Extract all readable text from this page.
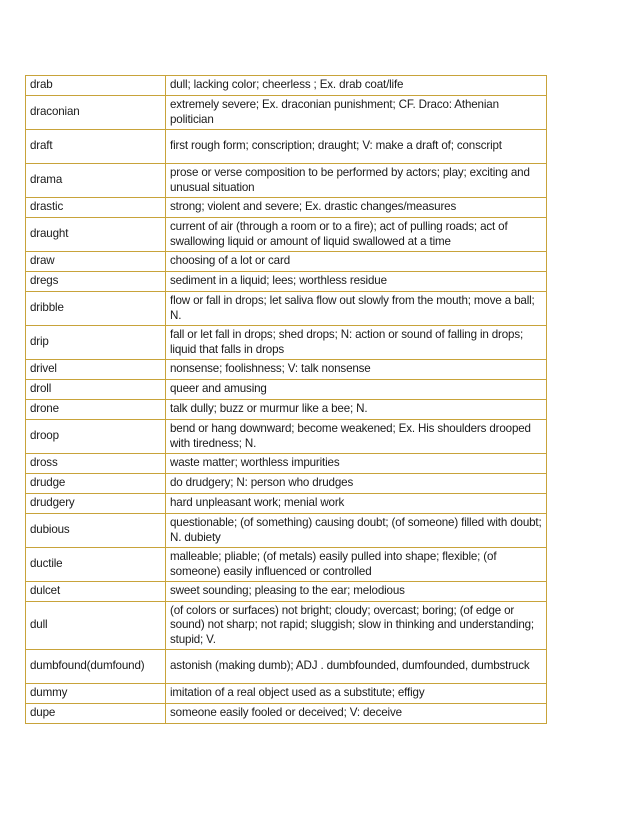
drab	dull; lacking color; cheerless ; Ex. drab coat/life
draconian	extremely severe; Ex. draconian punishment; CF. Draco: Athenian politician
draft	first rough form; conscription; draught; V: make a draft of; conscript
drama	prose or verse composition to be performed by actors; play; exciting and unusual situation
drastic	strong; violent and severe; Ex. drastic changes/measures
draught	current of air (through a room or to a fire); act of pulling roads; act of swallowing liquid or amount of liquid swallowed at a time
draw	choosing of a lot or card
dregs	sediment in a liquid; lees; worthless residue
dribble	flow or fall in drops; let saliva flow out slowly from the mouth; move a ball; N.
drip	fall or let fall in drops; shed drops; N: action or sound of falling in drops; liquid that falls in drops
drivel	nonsense; foolishness; V: talk nonsense
droll	queer and amusing
drone	talk dully; buzz or murmur like a bee; N.
droop	bend or hang downward; become weakened; Ex. His shoulders drooped with tiredness; N.
dross	waste matter; worthless impurities
drudge	do drudgery; N: person who drudges
drudgery	hard unpleasant work; menial work
dubious	questionable; (of something) causing doubt; (of someone) filled with doubt; N. dubiety
ductile	malleable; pliable; (of metals) easily pulled into shape; flexible; (of someone) easily influenced or controlled
dulcet	sweet sounding; pleasing to the ear; melodious
dull	(of colors or surfaces) not bright; cloudy; overcast; boring; (of edge or sound) not sharp; not rapid; sluggish; slow in thinking and understanding; stupid; V.
dumbfound(dumfound)	astonish (making dumb); ADJ . dumbfounded, dumfounded, dumbstruck
dummy	imitation of a real object used as a substitute; effigy
dupe	someone easily fooled or deceived; V: deceive
